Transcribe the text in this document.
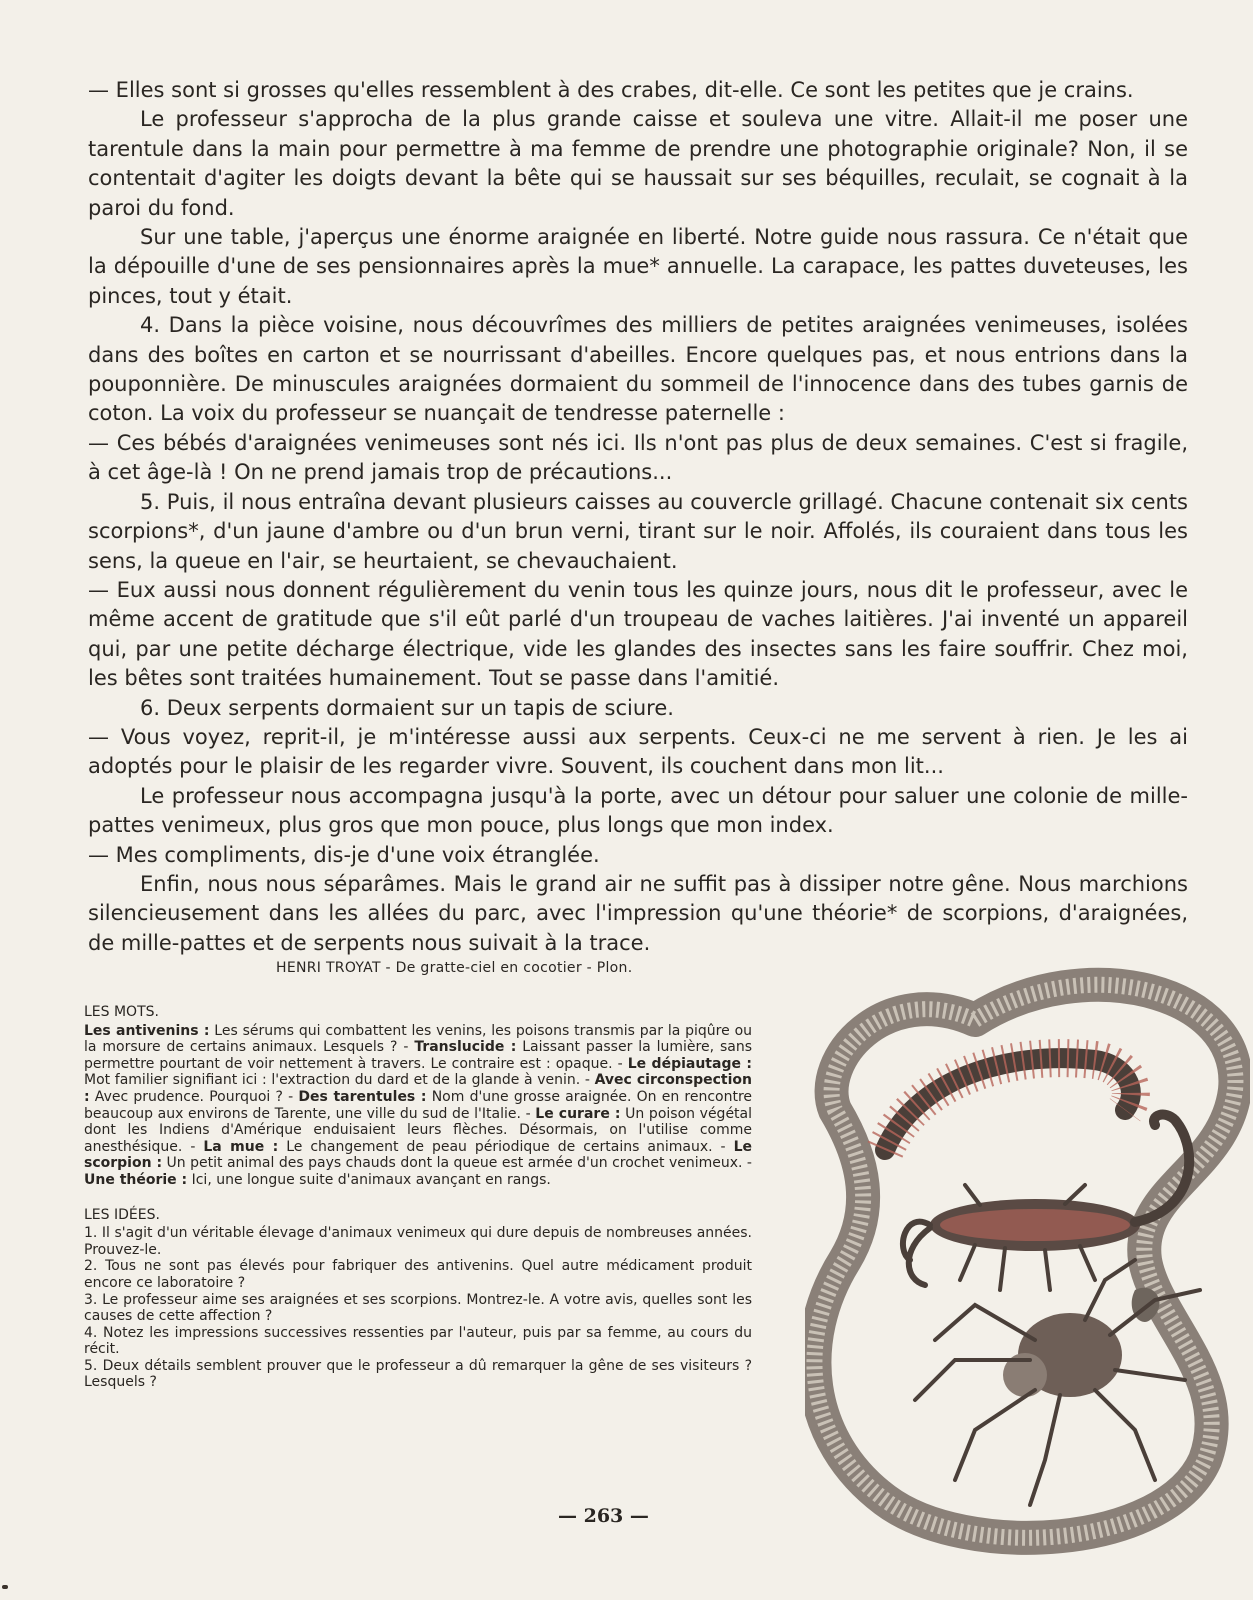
— Elles sont si grosses qu'elles ressemblent à des crabes, dit-elle. Ce sont les petites que je crains.

Le professeur s'approcha de la plus grande caisse et souleva une vitre. Allait-il me poser une tarentule dans la main pour permettre à ma femme de prendre une photographie originale? Non, il se contentait d'agiter les doigts devant la bête qui se haussait sur ses béquilles, reculait, se cognait à la paroi du fond.

Sur une table, j'aperçus une énorme araignée en liberté. Notre guide nous rassura. Ce n'était que la dépouille d'une de ses pensionnaires après la mue* annuelle. La carapace, les pattes duveteuses, les pinces, tout y était.

4. Dans la pièce voisine, nous découvrîmes des milliers de petites araignées venimeuses, isolées dans des boîtes en carton et se nourrissant d'abeilles. Encore quelques pas, et nous entrions dans la pouponnière. De minuscules araignées dormaient du sommeil de l'innocence dans des tubes garnis de coton. La voix du professeur se nuançait de tendresse paternelle :

— Ces bébés d'araignées venimeuses sont nés ici. Ils n'ont pas plus de deux semaines. C'est si fragile, à cet âge-là ! On ne prend jamais trop de précautions...

5. Puis, il nous entraîna devant plusieurs caisses au couvercle grillagé. Chacune contenait six cents scorpions*, d'un jaune d'ambre ou d'un brun verni, tirant sur le noir. Affolés, ils couraient dans tous les sens, la queue en l'air, se heurtaient, se chevauchaient.

— Eux aussi nous donnent régulièrement du venin tous les quinze jours, nous dit le professeur, avec le même accent de gratitude que s'il eût parlé d'un troupeau de vaches laitières. J'ai inventé un appareil qui, par une petite décharge électrique, vide les glandes des insectes sans les faire souffrir. Chez moi, les bêtes sont traitées humainement. Tout se passe dans l'amitié.

6. Deux serpents dormaient sur un tapis de sciure.

— Vous voyez, reprit-il, je m'intéresse aussi aux serpents. Ceux-ci ne me servent à rien. Je les ai adoptés pour le plaisir de les regarder vivre. Souvent, ils couchent dans mon lit...

Le professeur nous accompagna jusqu'à la porte, avec un détour pour saluer une colonie de mille-pattes venimeux, plus gros que mon pouce, plus longs que mon index.

— Mes compliments, dis-je d'une voix étranglée.

Enfin, nous nous séparâmes. Mais le grand air ne suffit pas à dissiper notre gêne. Nous marchions silencieusement dans les allées du parc, avec l'impression qu'une théorie* de scorpions, d'araignées, de mille-pattes et de serpents nous suivait à la trace.

HENRI TROYAT - De gratte-ciel en cocotier - Plon.

LES MOTS.

Les antivenins : Les sérums qui combattent les venins, les poisons transmis par la piqûre ou la morsure de certains animaux. Lesquels ? - Translucide : Laissant passer la lumière, sans permettre pourtant de voir nettement à travers. Le contraire est : opaque. - Le dépiautage : Mot familier signifiant ici : l'extraction du dard et de la glande à venin. - Avec circonspection : Avec prudence. Pourquoi ? - Des tarentules : Nom d'une grosse araignée. On en rencontre beaucoup aux environs de Tarente, une ville du sud de l'Italie. - Le curare : Un poison végétal dont les Indiens d'Amérique enduisaient leurs flèches. Désormais, on l'utilise comme anesthésique. - La mue : Le changement de peau périodique de certains animaux. - Le scorpion : Un petit animal des pays chauds dont la queue est armée d'un crochet venimeux. - Une théorie : Ici, une longue suite d'animaux avançant en rangs.

LES IDÉES.

1. Il s'agit d'un véritable élevage d'animaux venimeux qui dure depuis de nombreuses années. Prouvez-le.

2. Tous ne sont pas élevés pour fabriquer des antivenins. Quel autre médicament produit encore ce laboratoire ?

3. Le professeur aime ses araignées et ses scorpions. Montrez-le. A votre avis, quelles sont les causes de cette affection ?

4. Notez les impressions successives ressenties par l'auteur, puis par sa femme, au cours du récit.

5. Deux détails semblent prouver que le professeur a dû remarquer la gêne de ses visiteurs ? Lesquels ?

— 263 —
